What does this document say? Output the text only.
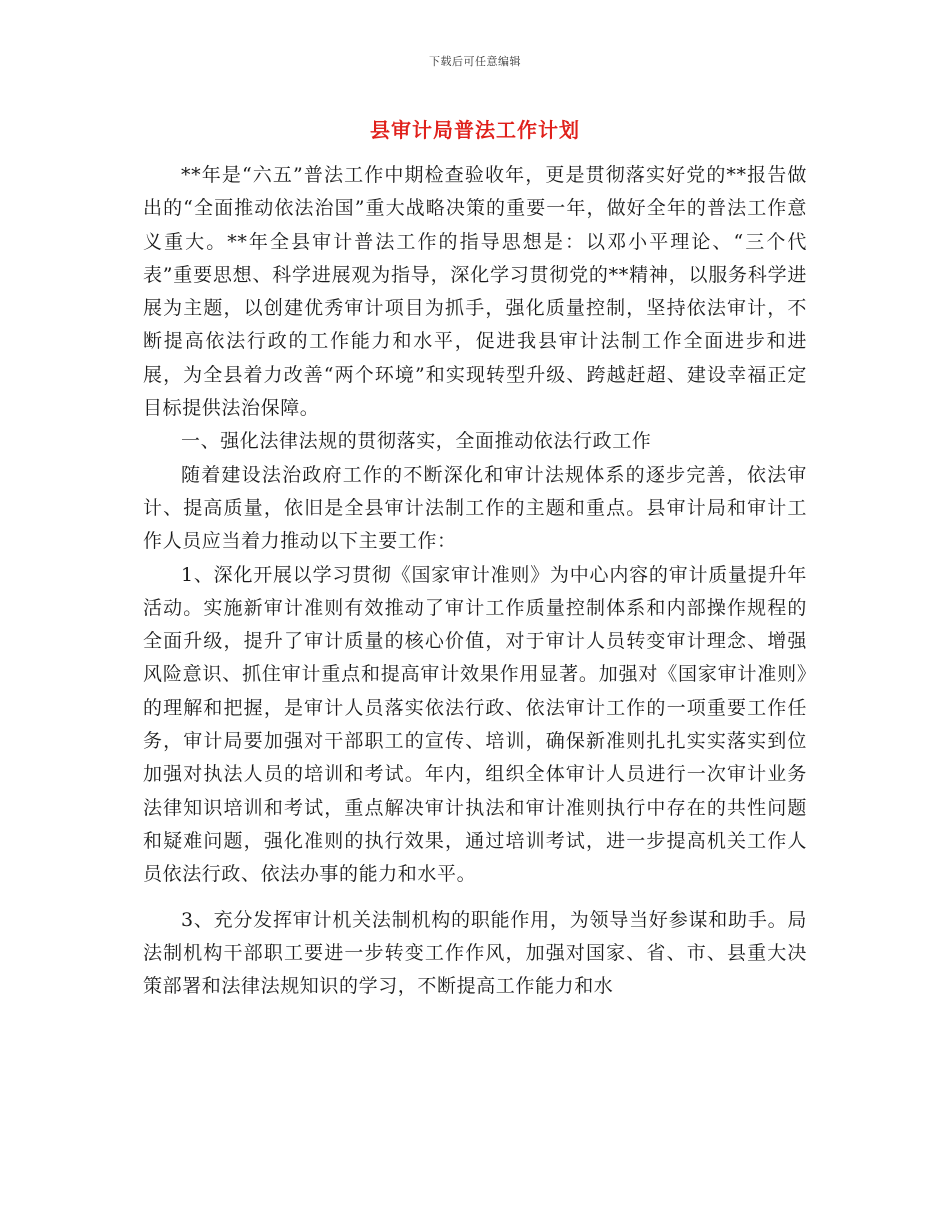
下载后可任意编辑
县审计局普法工作计划

**年是“六五”普法工作中期检查验收年，更是贯彻落实好党的**报告做出的“全面推动依法治国”重大战略决策的重要一年，做好全年的普法工作意义重大。**年全县审计普法工作的指导思想是：以邓小平理论、“三个代表”重要思想、科学进展观为指导，深化学习贯彻党的**精神，以服务科学进展为主题，以创建优秀审计项目为抓手，强化质量控制，坚持依法审计，不断提高依法行政的工作能力和水平，促进我县审计法制工作全面进步和进展，为全县着力改善“两个环境”和实现转型升级、跨越赶超、建设幸福正定目标提供法治保障。

一、强化法律法规的贯彻落实，全面推动依法行政工作

随着建设法治政府工作的不断深化和审计法规体系的逐步完善，依法审计、提高质量，依旧是全县审计法制工作的主题和重点。县审计局和审计工作人员应当着力推动以下主要工作：

1、深化开展以学习贯彻《国家审计准则》为中心内容的审计质量提升年活动。实施新审计准则有效推动了审计工作质量控制体系和内部操作规程的全面升级，提升了审计质量的核心价值，对于审计人员转变审计理念、增强风险意识、抓住审计重点和提高审计效果作用显著。加强对《国家审计准则》的理解和把握，是审计人员落实依法行政、依法审计工作的一项重要工作任务，审计局要加强对干部职工的宣传、培训，确保新准则扎扎实实落实到位加强对执法人员的培训和考试。年内，组织全体审计人员进行一次审计业务法律知识培训和考试，重点解决审计执法和审计准则执行中存在的共性问题和疑难问题，强化准则的执行效果，通过培训考试，进一步提高机关工作人员依法行政、依法办事的能力和水平。

3、充分发挥审计机关法制机构的职能作用，为领导当好参谋和助手。局法制机构干部职工要进一步转变工作作风，加强对国家、省、市、县重大决策部署和法律法规知识的学习，不断提高工作能力和水
